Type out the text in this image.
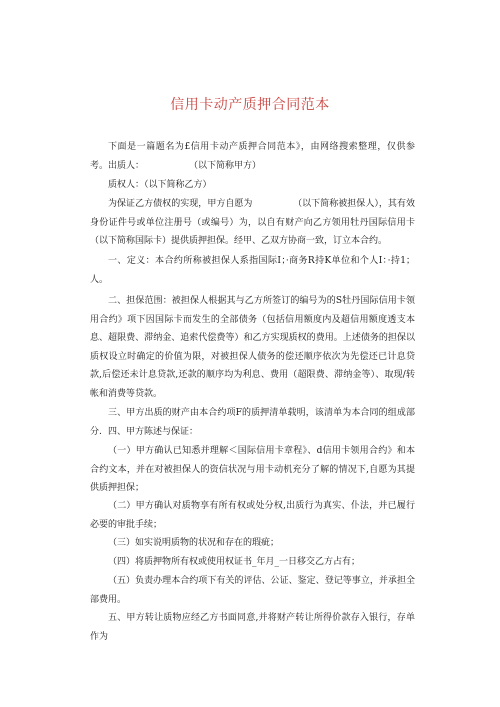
信用卡动产质押合同范本
下面是一篇题名为£信用卡动产质押合同范本》，由网络搜索整理，仅供参考。 出质人：　　　　　　（以下简称甲方）
质权人：（以下简称乙方）
为保证乙方债权的实现，甲方自愿为　　　　　（以下简称被担保人），其有效身份证件号或单位注册号（或编号）为，以自有财产向乙方领用牡丹国际信用卡（以下简称国际卡）提供质押担保。经甲、乙双方协商一致，订立本合约。
一、定义：本合约所称被担保人系指国际Ⅰ；·商务R持K单位和个人Ⅰ：·持1；人。
二、担保范围：被担保人根据其与乙方所签订的编号为的S牡丹国际信用卡领用合约》项下因国际卡而发生的全部债务（包括信用额度内及超信用额度透支本息、超限费、滞纳金、追索代偿费等）和乙方实现质权的费用。上述债务的担保以质权设立时确定的价值为限，对被担保人债务的偿还顺序依次为先偿还已计息贷款,后偿还未计息贷款,还款的顺序均为利息、费用（超限费、滞纳金等）、取现/转帐和消费等贷款。
三、甲方出质的财产由本合约项F的质押清单载明，该清单为本合同的组成部分. 四、甲方陈述与保证：
（一）甲方确认已知悉并理解＜国际信用卡章程》、d信用卡领用合约》和本合约文本，并在对被担保人的资信状况与用卡动机充分了解的情况下,自愿为其提供质押担保；
（二）甲方确认对质物享有所有权或处分权,出质行为真实、仆法，并已履行必要的审批手续；
（三）如实说明质物的状况和存在的瑕疵；
（四）将质押物所有权或使用权证书_年月_一日移交乙方占有；
（五）负责办理本合约项下有关的评估、公证、鉴定、登记等事立，并承担全部费用。
五、甲方转让质物应经乙方书面同意,并将财产转让所得价款存入银行，存单作为
